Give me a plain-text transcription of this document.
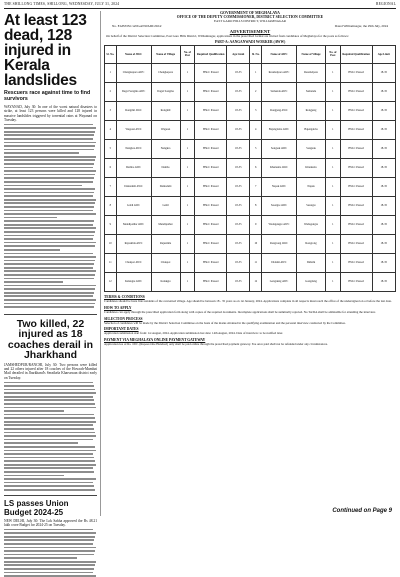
THE SHILLONG TIMES, SHILLONG, WEDNESDAY, JULY 31, 2024	REGIONAL
At least 123 dead, 128 injured in Kerala landslides
Rescuers race against time to find survivors
WAYANAD, July 30: In one of the worst natural disasters to strike, at least 123 persons were killed and 128 injured in massive landslides triggered by torrential rains at Wayanad on Tuesday.
Two killed, 22 injured as 18 coaches derail in Jharkhand
JAMSHEDPUR/RANCHI, July 30: Two persons were killed and 22 others injured after 18 coaches of the Howrah-Mumbai Mail derailed in Jharkhand's Seraikela Kharsawan district early on Tuesday.
LS passes Union Budget 2024-25
NEW DELHI, July 30: The Lok Sabha approved the Rs 48.21 lakh crore Budget for 2024-25 on Tuesday.
GOVERNMENT OF MEGHALAYA
OFFICE OF THE DEPUTY COMMISSIONER, DISTRICT SELECTION COMMITTEE
EAST GARO HILLS DISTRICT, WILLIAMNAGAR
No. EGH/DSC/ANGANWADI/2024/	Dated Williamnagar, the 29th July, 2024
ADVERTISEMENT
On behalf of the District Selection Committee, East Garo Hills District, Williamnagar, applications in the prescribed format are invited from candidates of Meghalaya for the posts as follows:
PART-A: AANGANWADI WORKER (AWW)
Sl. No.	Name of AWC	Name of Village	No. of Post	Required Qualification	Age Limit	Sl. No.	Name of AWC	Name of Village	No. of Post	Required Qualification	Age Limit
1	Chengkapara AWC	Chengkapara	1	HSLC Passed	18-35	1	Resubelpara AWC	Resubelpara	1	HSLC Passed	18-35
2	Dagal Songma AWC	Dagal Songma	1	HSLC Passed	18-35	2	Samanda AWC	Samanda	1	HSLC Passed	18-35
3	Rongmil AWC	Rongmil	1	HSLC Passed	18-35	3	Rongjeng AWC	Rongjeng	1	HSLC Passed	18-35
4	Wageasi AWC	Wageasi	1	HSLC Passed	18-35	4	Bajengdoba AWC	Bajengdoba	1	HSLC Passed	18-35
5	Nengkra AWC	Nengkra	1	HSLC Passed	18-35	5	Songsak AWC	Songsak	1	HSLC Passed	18-35
6	Dambo AWC	Dambo	1	HSLC Passed	18-35	6	Kharkutta AWC	Kharkutta	1	HSLC Passed	18-35
7	Dainadubi AWC	Dainadubi	1	HSLC Passed	18-35	7	Napak AWC	Napak	1	HSLC Passed	18-35
8	Gabil AWC	Gabil	1	HSLC Passed	18-35	8	Sasatgre AWC	Sasatgre	1	HSLC Passed	18-35
9	Mendipathar AWC	Mendipathar	1	HSLC Passed	18-35	9	Wadagokgre AWC	Wadagokgre	1	HSLC Passed	18-35
10	Rajasimla AWC	Rajasimla	1	HSLC Passed	18-35	10	Rongrong AWC	Rongrong	1	HSLC Passed	18-35
11	Chokpot AWC	Chokpot	1	HSLC Passed	18-35	11	Didami AWC	Didami	1	HSLC Passed	18-35
12	Kalakgre AWC	Kalakgre	1	HSLC Passed	18-35	12	Gongdeng AWC	Gongdeng	1	HSLC Passed	18-35
TERMS & CONDITIONS
Candidates should be bona fide residents of the concerned village. Age should be between 18 - 35 years as on 1st January, 2024. Applications complete in all respects must reach the office of the undersigned on or before the last date.
HOW TO APPLY
Candidates can apply through the prescribed application form along with copies of the required documents. Incomplete applications shall be summarily rejected. No TA/DA shall be admissible for attending the interview.
SELECTION PROCESS
Selection of candidates will be made by the District Selection Committee on the basis of the marks obtained in the qualifying examination and the personal interview conducted by the Committee.
IMPORTANT DATES
Application submission start from: 1st August, 2024. Application submission last date: 14th August, 2024. Date of interview: to be notified later.
PAYMENT VIA MEGHALAYA ONLINE PAYMENT GATEWAY
Application fee of Rs. 100/- (Rupees One Hundred) only shall be paid online through the prescribed payment gateway. Fee once paid shall not be refunded under any circumstances.
Continued on Page 9
